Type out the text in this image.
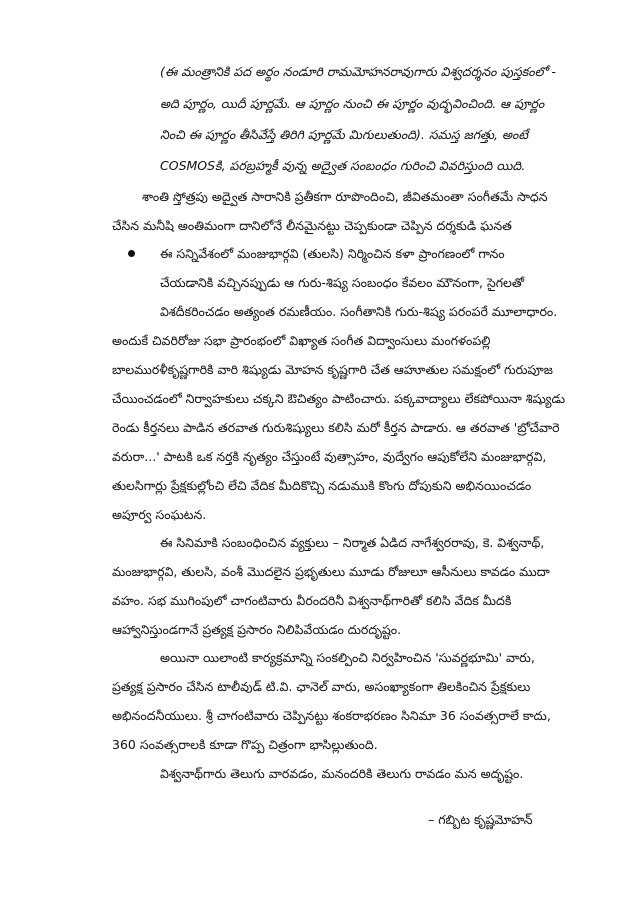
(ఈ మంత్రానికి పద అర్థం నండూరి రామమోహనరావుగారు విశ్వదర్శనం పుస్తకంలో -

అది పూర్ణం, యిదీ పూర్ణమే. ఆ పూర్ణం నుంచి ఈ పూర్ణం వుద్భవించింది. ఆ పూర్ణం

నించి ఈ పూర్ణం తీసివేస్తే తిరిగి పూర్ణమే మిగులుతుంది). సమస్త జగత్తు, అంటే

COSMOSకి, పరబ్రహ్మకీ వున్న అద్వైత సంబంధం గురించి వివరిస్తుంది యిది.

శాంతి స్తోత్రపు అద్వైత సారానికి ప్రతీకగా రూపొందించి, జీవితమంతా సంగీతమే సాధన

చేసిన మనీషి అంతిమంగా దానిలోనే లీనమైనట్టు చెప్పకుండా చెప్పిన దర్శకుడి ఘనత

ఈ సన్నివేశంలో మంజుభార్గవి (తులసి) నిర్మించిన కళా ప్రాంగణంలో గానం

చేయడానికి వచ్చినప్పుడు ఆ గురు-శిష్య సంబంధం కేవలం మౌనంగా, సైగలతో

విశదీకరించడం అత్యంత రమణీయం. సంగీతానికి గురు-శిష్య పరంపరే మూలాధారం.

అందుకే చివరిరోజు సభా ప్రారంభంలో విఖ్యాత సంగీత విద్వాంసులు మంగళంపల్లి

బాలమురళీకృష్ణగారికి వారి శిష్యుడు మోహన కృష్ణగారి చేత ఆహూతుల సమక్షంలో గురుపూజ

చేయించడంలో నిర్వాహకులు చక్కని ఔచిత్యం పాటించారు. పక్కవాద్యాలు లేకపోయినా శిష్యుడు

రెండు కీర్తనలు పాడిన తరవాత గురుశిష్యులు కలిసి మరో కీర్తన పాడారు. ఆ తరవాత 'బ్రోచేవారె

వరురా...' పాటకి ఒక నర్తకి నృత్యం చేస్తుంటే వుత్సాహం, వుద్వేగం ఆపుకోలేని మంజుభార్గవి,

తులసిగార్లు ప్రేక్షకుల్లోంచి లేచి వేదిక మీదికొచ్చి నడుముకి కొంగు దోపుకుని అభినయించడం

అపూర్వ సంఘటన.

ఈ సినిమాకి సంబంధించిన వ్యక్తులు – నిర్మాత ఏడిద నాగేశ్వరరావు, కె. విశ్వనాథ్,

మంజుభార్గవి, తులసి, వంశీ మొదలైన ప్రభృతులు మూడు రోజులూ ఆసీనులు కావడం ముదా

వహం. సభ ముగింపులో చాగంటివారు వీరందరినీ విశ్వనాథ్‌గారితో కలిసి వేదిక మీదకి

ఆహ్వానిస్తుండగానే ప్రత్యక్ష ప్రసారం నిలిపివేయడం దురదృష్టం.

అయినా యిలాంటి కార్యక్రమాన్ని సంకల్పించి నిర్వహించిన 'సువర్ణభూమి' వారు,

ప్రత్యక్ష ప్రసారం చేసిన టాలీవుడ్ టి.వి. ఛానెల్ వారు, అసంఖ్యాకంగా తిలకించిన ప్రేక్షకులు

అభినందనీయులు. శ్రీ చాగంటివారు చెప్పినట్టు శంకరాభరణం సినిమా 36 సంవత్సరాలే కాదు,

360 సంవత్సరాలకి కూడా గొప్ప చిత్రంగా భాసిల్లుతుంది.

విశ్వనాథ్‌గారు తెలుగు వారవడం, మనందరికి తెలుగు రావడం మన అదృష్టం.

– గబ్బిట కృష్ణమోహన్
